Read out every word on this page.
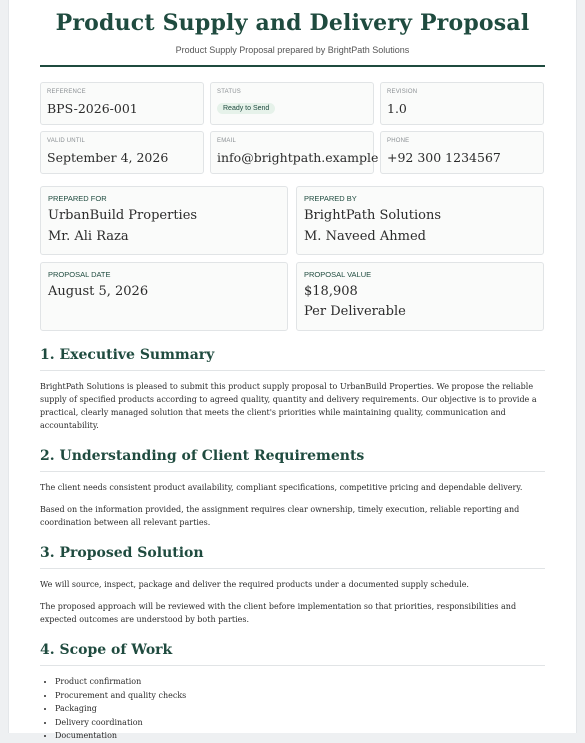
Product Supply and Delivery Proposal
Product Supply Proposal prepared by BrightPath Solutions
REFERENCE
BPS-2026-001
STATUS
Ready to Send
REVISION
1.0
VALID UNTIL
September 4, 2026
EMAIL
info@brightpath.example
PHONE
+92 300 1234567
PREPARED FOR
UrbanBuild Properties
Mr. Ali Raza
PREPARED BY
BrightPath Solutions
M. Naveed Ahmed
PROPOSAL DATE
August 5, 2026
PROPOSAL VALUE
$18,908
Per Deliverable
1. Executive Summary

BrightPath Solutions is pleased to submit this product supply proposal to UrbanBuild Properties. We propose the reliable supply of specified products according to agreed quality, quantity and delivery requirements. Our objective is to provide a practical, clearly managed solution that meets the client's priorities while maintaining quality, communication and accountability.

2. Understanding of Client Requirements

The client needs consistent product availability, compliant specifications, competitive pricing and dependable delivery.

Based on the information provided, the assignment requires clear ownership, timely execution, reliable reporting and coordination between all relevant parties.

3. Proposed Solution

We will source, inspect, package and deliver the required products under a documented supply schedule.

The proposed approach will be reviewed with the client before implementation so that priorities, responsibilities and expected outcomes are understood by both parties.

4. Scope of Work
• Product confirmation
• Procurement and quality checks
• Packaging
• Delivery coordination
• Documentation
